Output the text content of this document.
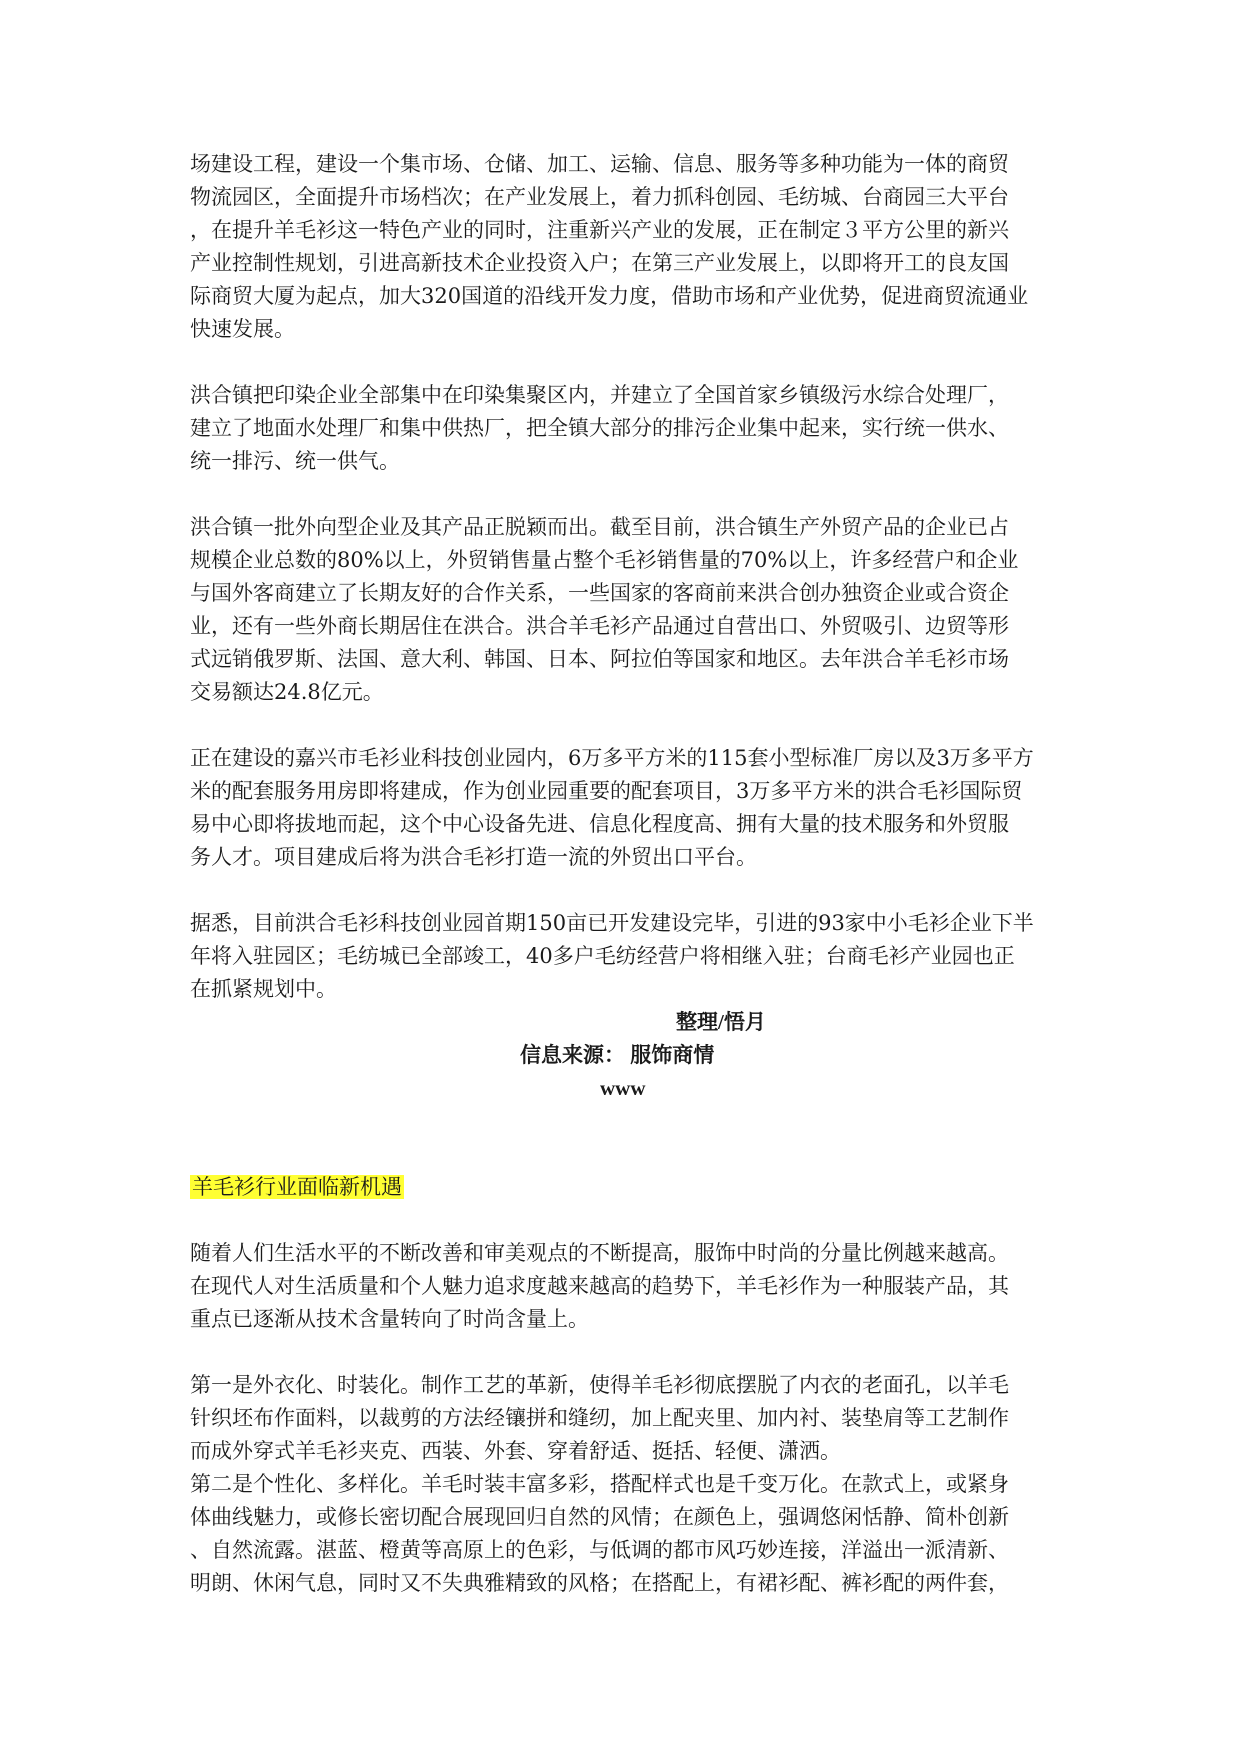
场建设工程，建设一个集市场、仓储、加工、运输、信息、服务等多种功能为一体的商贸
物流园区，全面提升市场档次；在产业发展上，着力抓科创园、毛纺城、台商园三大平台
，在提升羊毛衫这一特色产业的同时，注重新兴产业的发展，正在制定３平方公里的新兴
产业控制性规划，引进高新技术企业投资入户；在第三产业发展上，以即将开工的良友国
际商贸大厦为起点，加大320国道的沿线开发力度，借助市场和产业优势，促进商贸流通业
快速发展。

洪合镇把印染企业全部集中在印染集聚区内，并建立了全国首家乡镇级污水综合处理厂，
建立了地面水处理厂和集中供热厂，把全镇大部分的排污企业集中起来，实行统一供水、
统一排污、统一供气。

洪合镇一批外向型企业及其产品正脱颖而出。截至目前，洪合镇生产外贸产品的企业已占
规模企业总数的80%以上，外贸销售量占整个毛衫销售量的70%以上，许多经营户和企业
与国外客商建立了长期友好的合作关系，一些国家的客商前来洪合创办独资企业或合资企
业，还有一些外商长期居住在洪合。洪合羊毛衫产品通过自营出口、外贸吸引、边贸等形
式远销俄罗斯、法国、意大利、韩国、日本、阿拉伯等国家和地区。去年洪合羊毛衫市场
交易额达24.8亿元。

正在建设的嘉兴市毛衫业科技创业园内，6万多平方米的115套小型标准厂房以及3万多平方
米的配套服务用房即将建成，作为创业园重要的配套项目，3万多平方米的洪合毛衫国际贸
易中心即将拔地而起，这个中心设备先进、信息化程度高、拥有大量的技术服务和外贸服
务人才。项目建成后将为洪合毛衫打造一流的外贸出口平台。

据悉，目前洪合毛衫科技创业园首期150亩已开发建设完毕，引进的93家中小毛衫企业下半
年将入驻园区；毛纺城已全部竣工，40多户毛纺经营户将相继入驻；台商毛衫产业园也正
在抓紧规划中。

整理/悟月
信息来源： 服饰商情
www

羊毛衫行业面临新机遇

随着人们生活水平的不断改善和审美观点的不断提高，服饰中时尚的分量比例越来越高。
在现代人对生活质量和个人魅力追求度越来越高的趋势下，羊毛衫作为一种服装产品，其
重点已逐渐从技术含量转向了时尚含量上。

第一是外衣化、时装化。制作工艺的革新，使得羊毛衫彻底摆脱了内衣的老面孔，以羊毛
针织坯布作面料，以裁剪的方法经镶拼和缝纫，加上配夹里、加内衬、装垫肩等工艺制作
而成外穿式羊毛衫夹克、西装、外套、穿着舒适、挺括、轻便、潇洒。
第二是个性化、多样化。羊毛时装丰富多彩，搭配样式也是千变万化。在款式上，或紧身
体曲线魅力，或修长密切配合展现回归自然的风情；在颜色上，强调悠闲恬静、简朴创新
、自然流露。湛蓝、橙黄等高原上的色彩，与低调的都市风巧妙连接，洋溢出一派清新、
明朗、休闲气息，同时又不失典雅精致的风格；在搭配上，有裙衫配、裤衫配的两件套，
